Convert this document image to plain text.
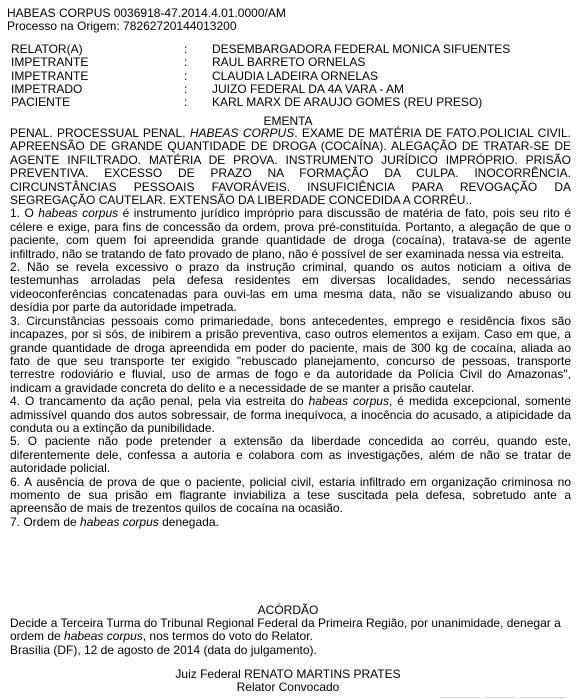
HABEAS CORPUS 0036918-47.2014.4.01.0000/AM
Processo na Origem: 78262720144013200
RELATOR(A)	:	DESEMBARGADORA FEDERAL MONICA SIFUENTES
IMPETRANTE	:	RAUL BARRETO ORNELAS
IMPETRANTE	:	CLAUDIA LADEIRA ORNELAS
IMPETRADO	:	JUIZO FEDERAL DA 4A VARA - AM
PACIENTE	:	KARL MARX DE ARAUJO GOMES (REU PRESO)
EMENTA

PENAL. PROCESSUAL PENAL. HABEAS CORPUS. EXAME DE MATÉRIA DE FATO.POLICIAL CIVIL. APREENSÃO DE GRANDE QUANTIDADE DE DROGA (COCAÍNA). ALEGAÇÃO DE TRATAR-SE DE AGENTE INFILTRADO. MATÉRIA DE PROVA. INSTRUMENTO JURÍDICO IMPRÓPRIO. PRISÃO PREVENTIVA. EXCESSO DE PRAZO NA FORMAÇÃO DA CULPA. INOCORRÊNCIA. CIRCUNSTÂNCIAS PESSOAIS FAVORÁVEIS. INSUFICIÊNCIA PARA REVOGAÇÃO DA SEGREGAÇÃO CAUTELAR. EXTENSÃO DA LIBERDADE CONCEDIDA A CORRÉU..

1. O habeas corpus é instrumento jurídico impróprio para discussão de matéria de fato, pois seu rito é célere e exige, para fins de concessão da ordem, prova pré-constituída. Portanto, a alegação de que o paciente, com quem foi apreendida grande quantidade de droga (cocaína), tratava-se de agente infiltrado, não se tratando de fato provado de plano, não é possível de ser examinada nessa via estreita.

2. Não se revela excessivo o prazo da instrução criminal, quando os autos noticiam a oitiva de testemunhas arroladas pela defesa residentes em diversas localidades, sendo necessárias videoconferências concatenadas para ouvi-las em uma mesma data, não se visualizando abuso ou desídia por parte da autoridade impetrada.

3. Circunstâncias pessoais como primariedade, bons antecedentes, emprego e residência fixos são incapazes, por si sós, de inibirem a prisão preventiva, caso outros elementos a exijam. Caso em que, a grande quantidade de droga apreendida em poder do paciente, mais de 300 kg de cocaína, aliada ao fato de que seu transporte ter exigido "rebuscado planejamento, concurso de pessoas, transporte terrestre rodoviário e fluvial, uso de armas de fogo e da autoridade da Polícia Civil do Amazonas", indicam a gravidade concreta do delito e a necessidade de se manter a prisão cautelar.

4. O trancamento da ação penal, pela via estreita do habeas corpus, é medida excepcional, somente admissível quando dos autos sobressair, de forma inequívoca, a inocência do acusado, a atipicidade da conduta ou a extinção da punibilidade.

5. O paciente não pode pretender a extensão da liberdade concedida ao corréu, quando este, diferentemente dele, confessa a autoria e colabora com as investigações, além de não se tratar de autoridade policial.

6. A ausência de prova de que o paciente, policial civil, estaria infiltrado em organização criminosa no momento de sua prisão em flagrante inviabiliza a tese suscitada pela defesa, sobretudo ante a apreensão de mais de trezentos quilos de cocaína na ocasião.

7. Ordem de habeas corpus denegada.

ACÓRDÃO

Decide a Terceira Turma do Tribunal Regional Federal da Primeira Região, por unanimidade, denegar a ordem de habeas corpus, nos termos do voto do Relator.

Brasília (DF), 12 de agosto de 2014 (data do julgamento).

Juiz Federal RENATO MARTINS PRATES
Relator Convocado
